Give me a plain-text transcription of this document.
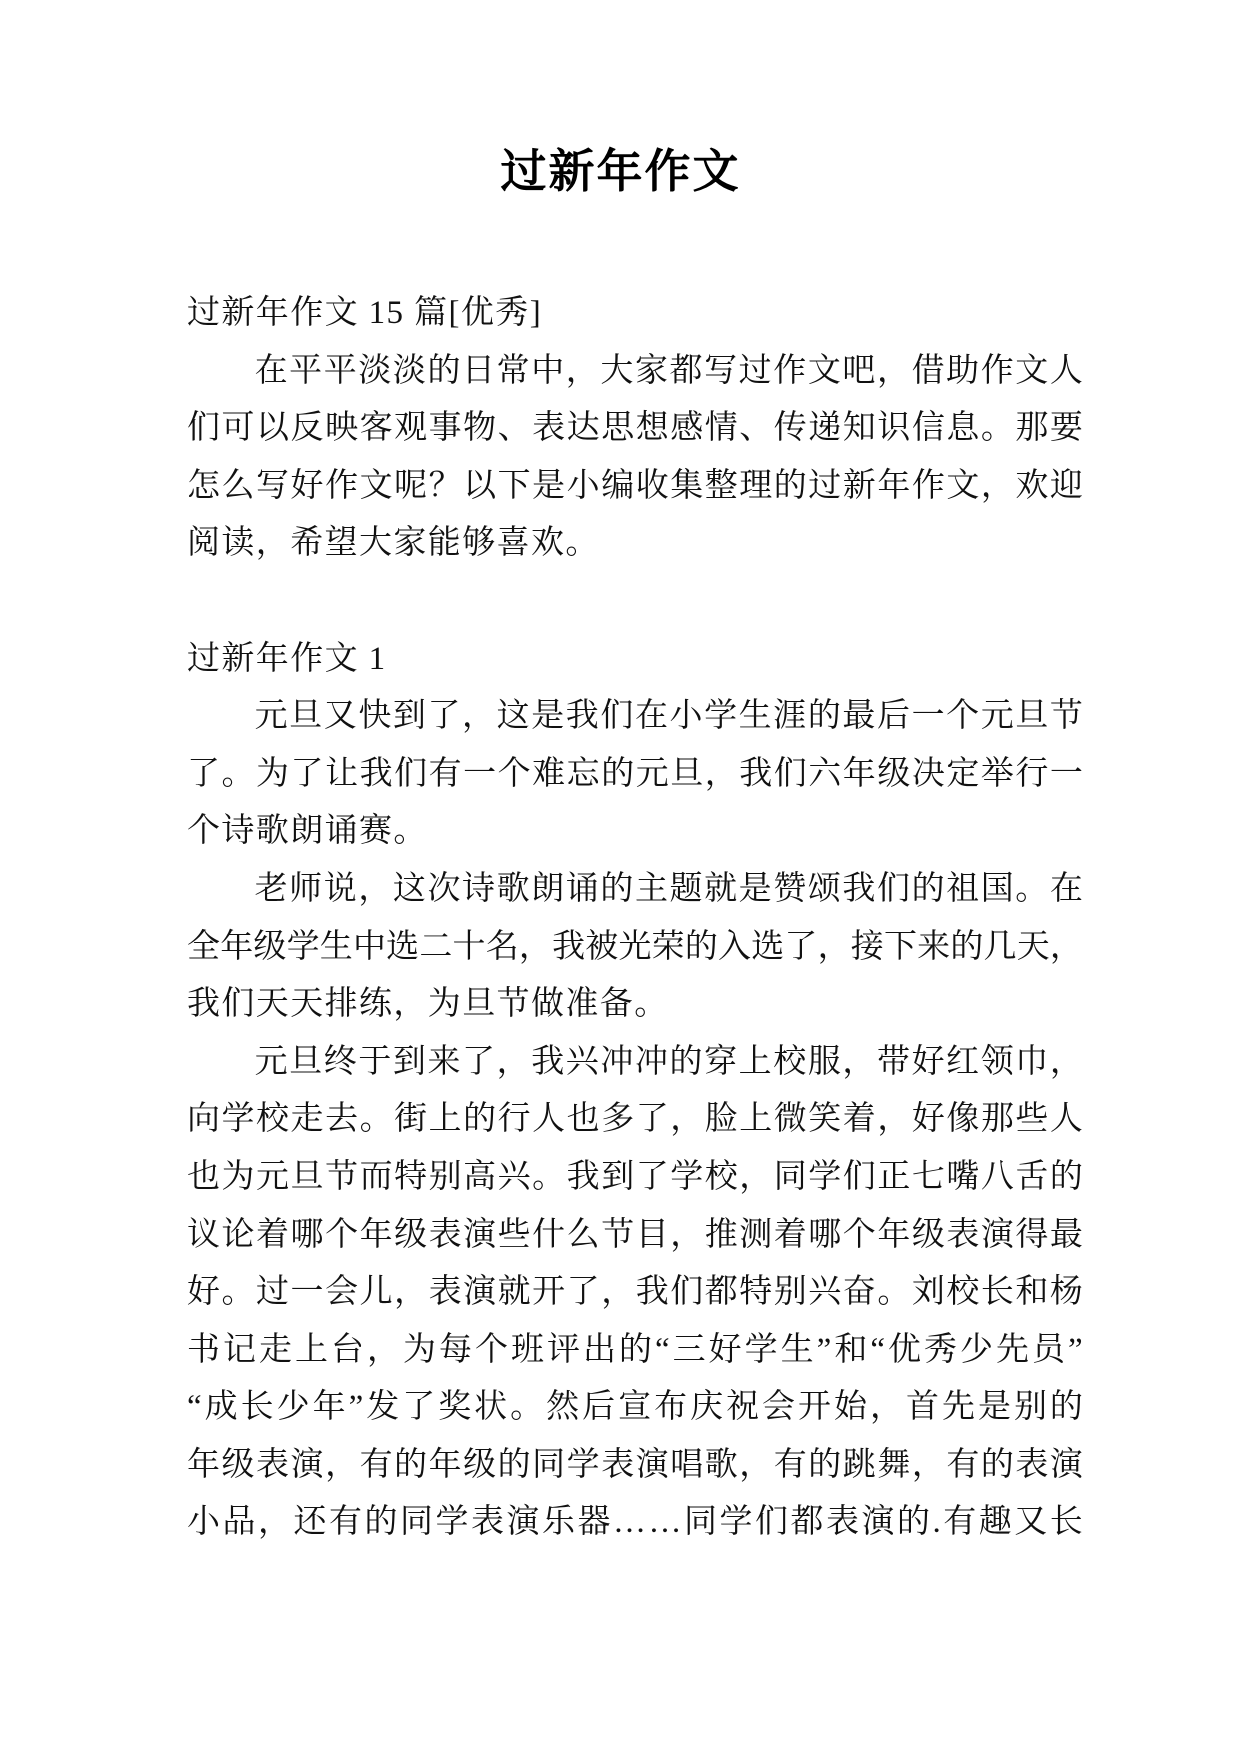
过新年作文
过新年作文 15 篇[优秀]
在 平 平 淡 淡 的 日 常 中 ， 大 家 都 写 过 作 文 吧 ， 借 助 作 文 人
们 可 以 反 映 客 观 事 物 、 表 达 思 想 感 情 、 传 递 知 识 信 息 。 那 要
怎 么 写 好 作 文 呢 ？ 以 下 是 小 编 收 集 整 理 的 过 新 年 作 文 ， 欢 迎
阅读，希望大家能够喜欢。
过新年作文 1
元 旦 又 快 到 了 ， 这 是 我 们 在 小 学 生 涯 的 最 后 一 个 元 旦 节
了 。 为 了 让 我 们 有 一 个 难 忘 的 元 旦 ， 我 们 六 年 级 决 定 举 行 一
个诗歌朗诵赛。
老 师 说 ， 这 次 诗 歌 朗 诵 的 主 题 就 是 赞 颂 我 们 的 祖 国 。 在
全 年 级 学 生 中 选 二 十 名 ， 我 被 光 荣 的 入 选 了 ， 接 下 来 的 几 天 ，
我们天天排练，为旦节做准备。
元 旦 终 于 到 来 了 ， 我 兴 冲 冲 的 穿 上 校 服 ， 带 好 红 领 巾 ，
向 学 校 走 去 。 街 上 的 行 人 也 多 了 ， 脸 上 微 笑 着 ， 好 像 那 些 人
也 为 元 旦 节 而 特 别 高 兴 。 我 到 了 学 校 ， 同 学 们 正 七 嘴 八 舌 的
议 论 着 哪 个 年 级 表 演 些 什 么 节 目 ， 推 测 着 哪 个 年 级 表 演 得 最
好 。 过 一 会 儿 ， 表 演 就 开 了 ， 我 们 都 特 别 兴 奋 。 刘 校 长 和 杨
书 记 走 上 台 ， 为 每 个 班 评 出 的 “ 三 好 学 生 ” 和 “ 优 秀 少 先 员 ”
“ 成 长 少 年 ” 发 了 奖 状 。 然 后 宣 布 庆 祝 会 开 始 ， 首 先 是 别 的
年 级 表 演 ， 有 的 年 级 的 同 学 表 演 唱 歌 ， 有 的 跳 舞 ， 有 的 表 演
小 品 ， 还 有 的 同 学 表 演 乐 器 … … 同 学 们 都 表 演 的 . 有 趣 又 长
